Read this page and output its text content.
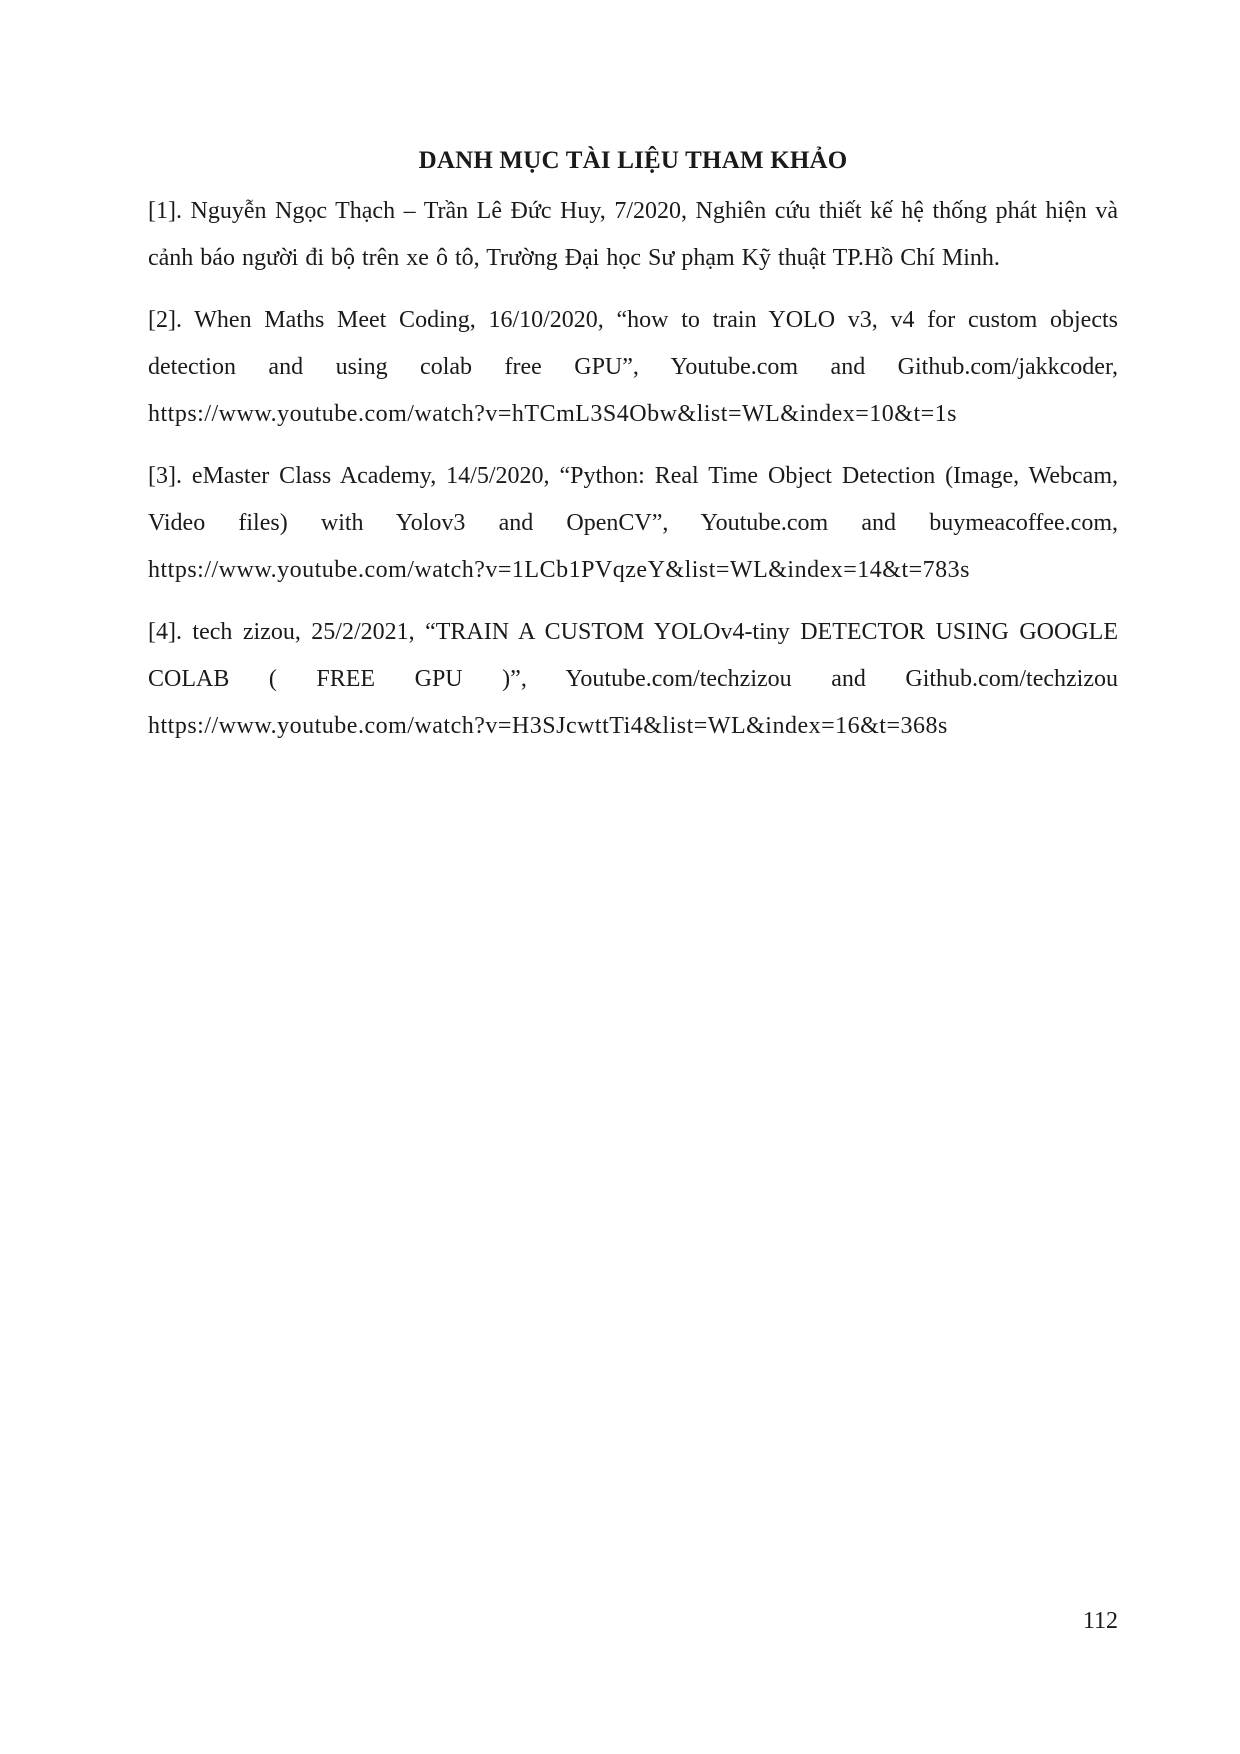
DANH MỤC TÀI LIỆU THAM KHẢO

[1]. Nguyễn Ngọc Thạch – Trần Lê Đức Huy, 7/2020, Nghiên cứu thiết kế hệ thống phát hiện và cảnh báo người đi bộ trên xe ô tô, Trường Đại học Sư phạm Kỹ thuật TP.Hồ Chí Minh.

[2]. When Maths Meet Coding, 16/10/2020, “how to train YOLO v3, v4 for custom objects detection and using colab free GPU”, Youtube.com and Github.com/jakkcoder, https://www.youtube.com/watch?v=hTCmL3S4Obw&list=WL&index=10&t=1s

[3]. eMaster Class Academy, 14/5/2020, “Python: Real Time Object Detection (Image, Webcam, Video files) with Yolov3 and OpenCV”, Youtube.com and buymeacoffee.com, https://www.youtube.com/watch?v=1LCb1PVqzeY&list=WL&index=14&t=783s

[4]. tech zizou, 25/2/2021, “TRAIN A CUSTOM YOLOv4-tiny DETECTOR USING GOOGLE COLAB ( FREE GPU )”, Youtube.com/techzizou and Github.com/techzizou https://www.youtube.com/watch?v=H3SJcwttTi4&list=WL&index=16&t=368s

112
